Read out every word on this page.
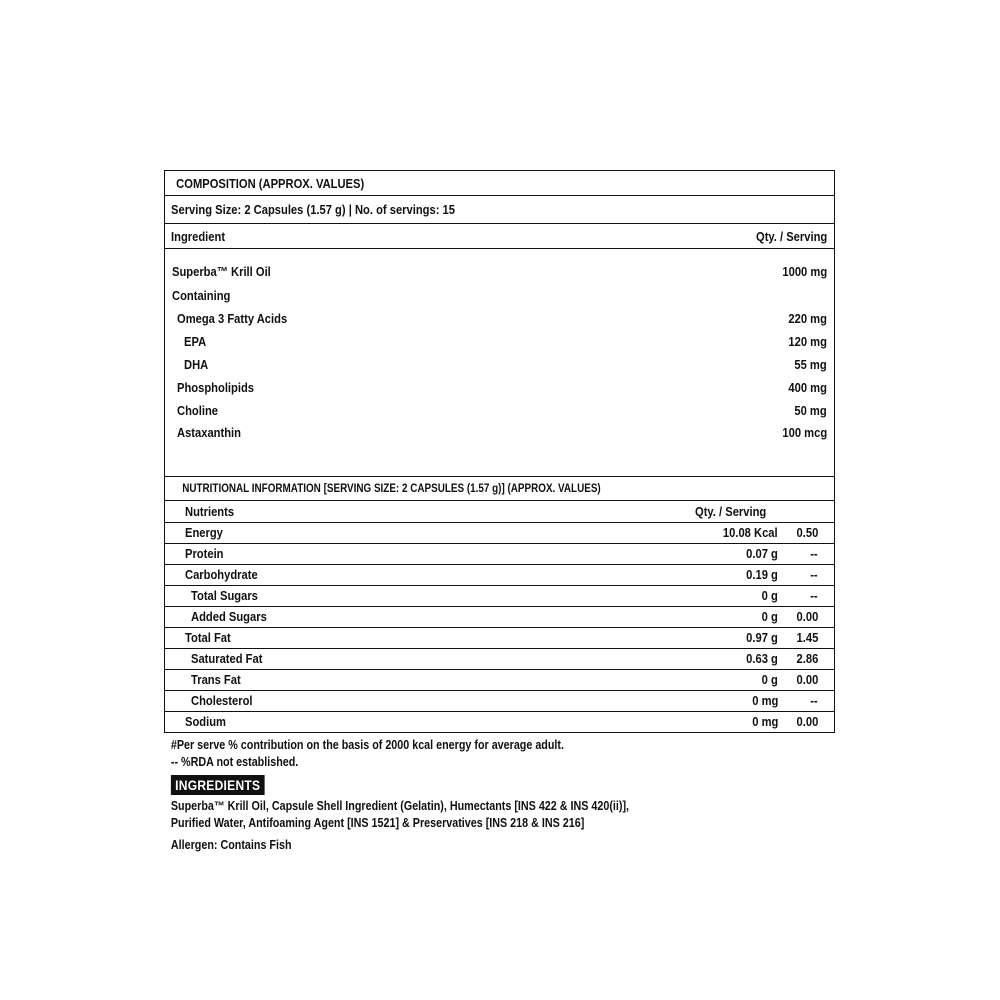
COMPOSITION (APPROX. VALUES)
Serving Size: 2 Capsules (1.57 g) | No. of servings: 15
Ingredient	Qty. / Serving
Superba™ Krill Oil	1000 mg
Containing
Omega 3 Fatty Acids	220 mg
EPA	120 mg
DHA	55 mg
Phospholipids	400 mg
Choline	50 mg
Astaxanthin	100 mcg
NUTRITIONAL INFORMATION [SERVING SIZE: 2 CAPSULES (1.57 g)] (APPROX. VALUES)
Nutrients	Qty. / Serving	
Energy	10.08 Kcal	0.50
Protein	0.07 g	--
Carbohydrate	0.19 g	--
Total Sugars	0 g	--
Added Sugars	0 g	0.00
Total Fat	0.97 g	1.45
Saturated Fat	0.63 g	2.86
Trans Fat	0 g	0.00
Cholesterol	0 mg	--
Sodium	0 mg	0.00
#Per serve % contribution on the basis of 2000 kcal energy for average adult.
-- %RDA not established.
INGREDIENTS
Superba™ Krill Oil, Capsule Shell Ingredient (Gelatin), Humectants [INS 422 & INS 420(ii)],
Purified Water, Antifoaming Agent [INS 1521] & Preservatives [INS 218 & INS 216]
Allergen: Contains Fish
